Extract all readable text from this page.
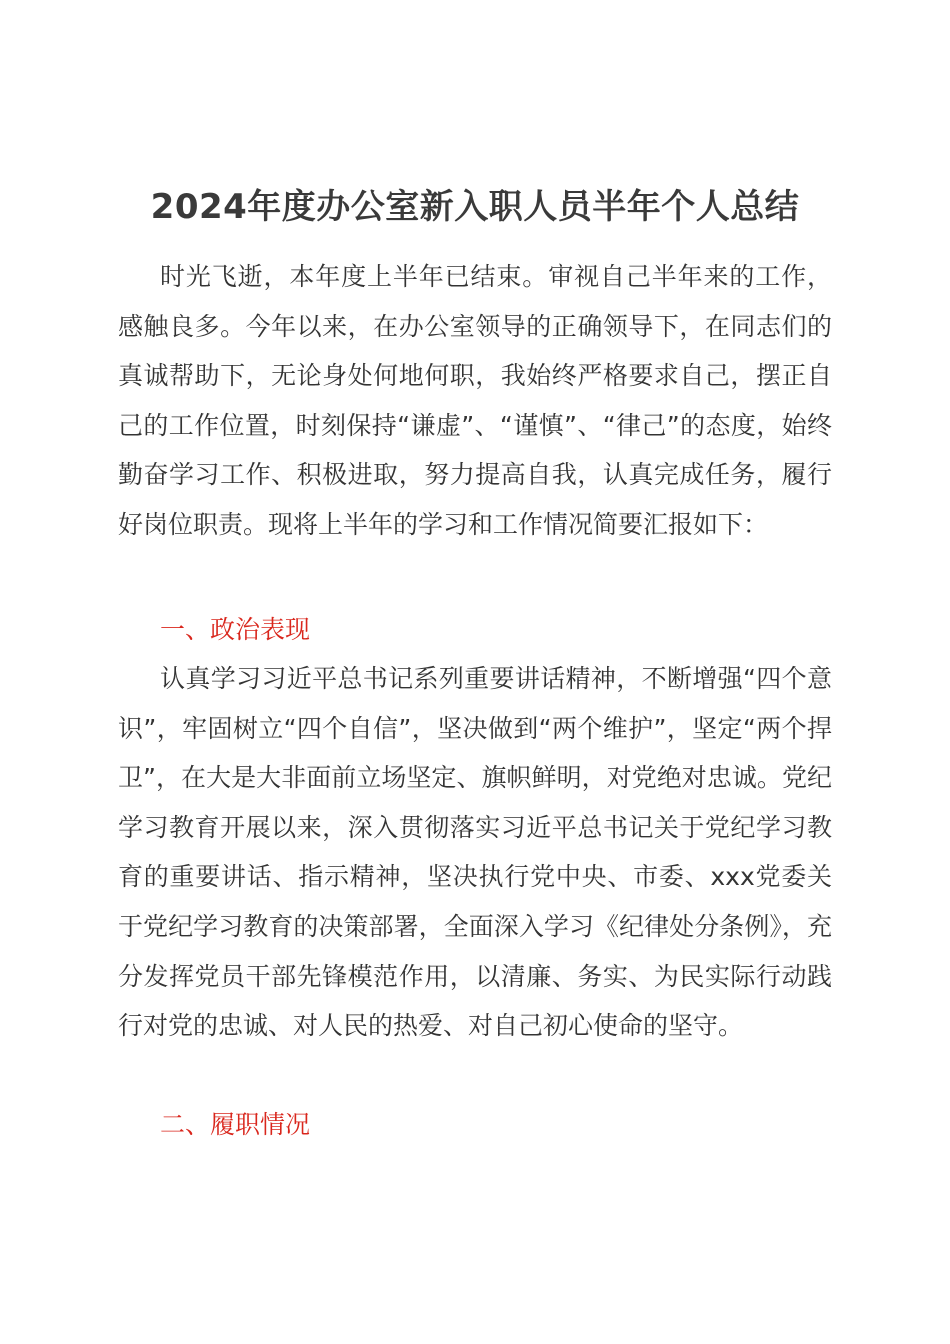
2024年度办公室新入职人员半年个人总结

时光飞逝，本年度上半年已结束。审视自己半年来的工作，感触良多。今年以来，在办公室领导的正确领导下，在同志们的真诚帮助下，无论身处何地何职，我始终严格要求自己，摆正自己的工作位置，时刻保持“谦虚”、“谨慎”、“律己”的态度，始终勤奋学习工作、积极进取，努力提高自我，认真完成任务，履行好岗位职责。现将上半年的学习和工作情况简要汇报如下：

一、政治表现

认真学习习近平总书记系列重要讲话精神，不断增强“四个意识”，牢固树立“四个自信”，坚决做到“两个维护”，坚定“两个捍卫”，在大是大非面前立场坚定、旗帜鲜明，对党绝对忠诚。党纪学习教育开展以来，深入贯彻落实习近平总书记关于党纪学习教育的重要讲话、指示精神，坚决执行党中央、市委、xxx党委关于党纪学习教育的决策部署，全面深入学习《纪律处分条例》，充分发挥党员干部先锋模范作用，以清廉、务实、为民实际行动践行对党的忠诚、对人民的热爱、对自己初心使命的坚守。

二、履职情况
